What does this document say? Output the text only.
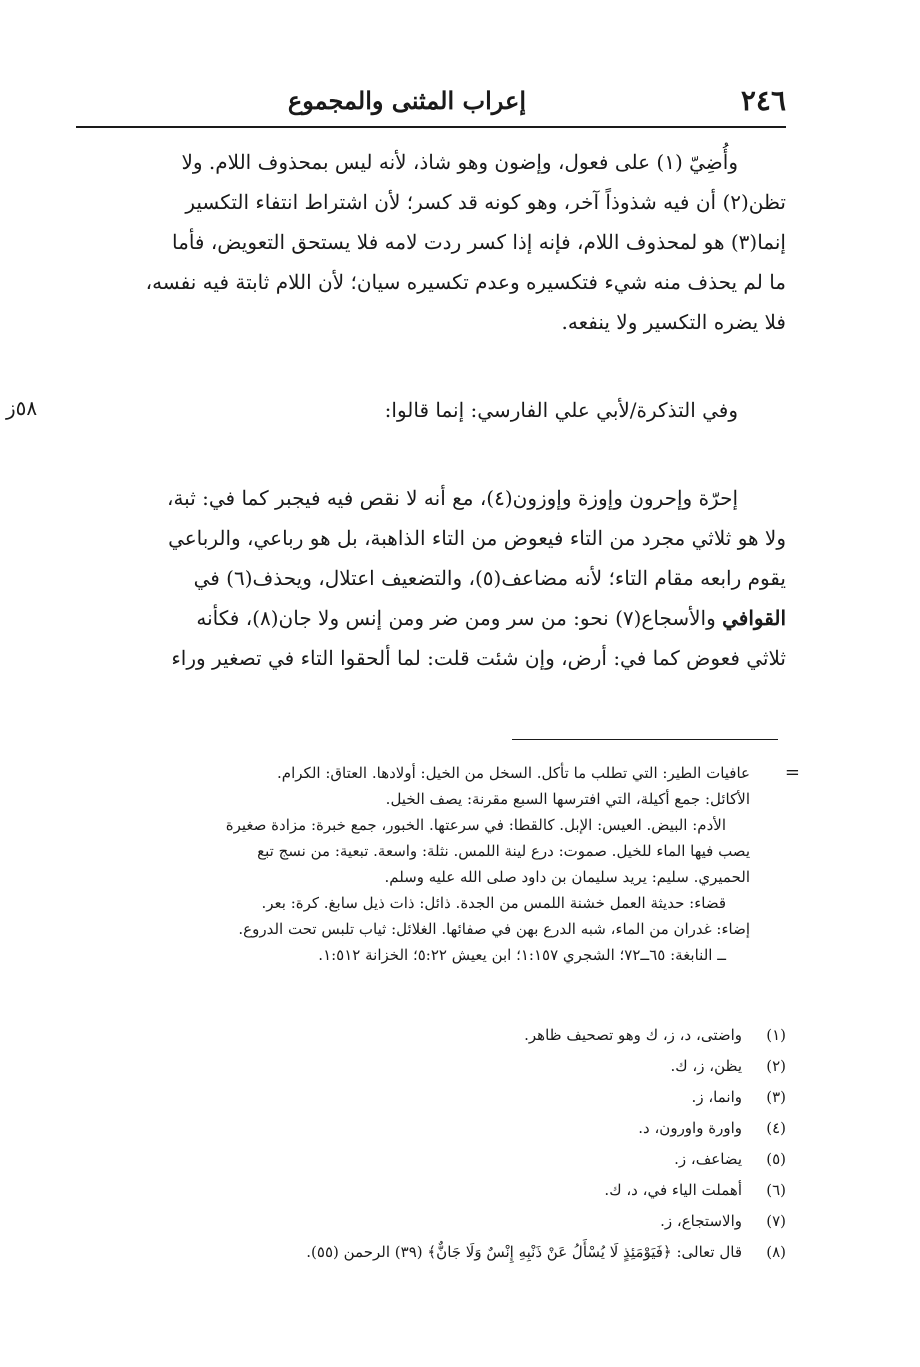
٢٤٦
إعراب المثنى والمجموع
وأُضِيّ (١) على فعول، وإضون وهو شاذ، لأنه ليس بمحذوف اللام. ولا
تظن(٢) أن فيه شذوذاً آخر، وهو كونه قد كسر؛ لأن اشتراط انتفاء التكسير
إنما(٣) هو لمحذوف اللام، فإنه إذا كسر ردت لامه فلا يستحق التعويض، فأما
ما لم يحذف منه شيء فتكسيره وعدم تكسيره سيان؛ لأن اللام ثابتة فيه نفسه،
فلا يضره التكسير ولا ينفعه.
وفي التذكرة/لأبي علي الفارسي: إنما قالوا:
٥٨ز
إحرّة وإحرون وإوزة وإوزون(٤)، مع أنه لا نقص فيه فيجبر كما في: ثبة،
ولا هو ثلاثي مجرد من التاء فيعوض من التاء الذاهبة، بل هو رباعي، والرباعي
يقوم رابعه مقام التاء؛ لأنه مضاعف(٥)، والتضعيف اعتلال، ويحذف(٦) في
القوافي والأسجاع(٧) نحو: من سر ومن ضر ومن إنس ولا جان(٨)، فكأنه
ثلاثي فعوض كما في: أرض، وإن شئت قلت: لما ألحقوا التاء في تصغير وراء
=
عافيات الطير: التي تطلب ما تأكل. السخل من الخيل: أولادها. العتاق: الكرام.
الأكائل: جمع أكيلة، التي افترسها السبع مقرنة: يصف الخيل.
الأدم: البيض. العيس: الإبل. كالقطا: في سرعتها. الخبور، جمع خبرة: مزادة صغيرة
يصب فيها الماء للخيل. صموت: درع لينة اللمس. نثلة: واسعة. تبعية: من نسج تبع
الحميري. سليم: يريد سليمان بن داود صلى الله عليه وسلم.
قضاء: حديثة العمل خشنة اللمس من الجدة. ذائل: ذات ذيل سابغ. كرة: بعر.
إضاء: غدران من الماء، شبه الدرع بهن في صفائها. الغلائل: ثياب تلبس تحت الدروع.
ــ النابغة: ٦٥ــ٧٢؛ الشجري ١:١٥٧؛ ابن يعيش ٥:٢٢؛ الخزانة ١:٥١٢.
(١)
واضتى، د، ز، ك وهو تصحيف ظاهر.
(٢)
يظن، ز، ك.
(٣)
وانما، ز.
(٤)
واورة واورون، د.
(٥)
يضاعف، ز.
(٦)
أهملت الياء في، د، ك.
(٧)
والاستجاع، ز.
(٨)
قال تعالى: ﴿فَيَوْمَئِذٍ لَا يُسْأَلُ عَنْ ذَنْبِهِ إِنْسٌ وَلَا جَانٌّ﴾ (٣٩) الرحمن (٥٥).
